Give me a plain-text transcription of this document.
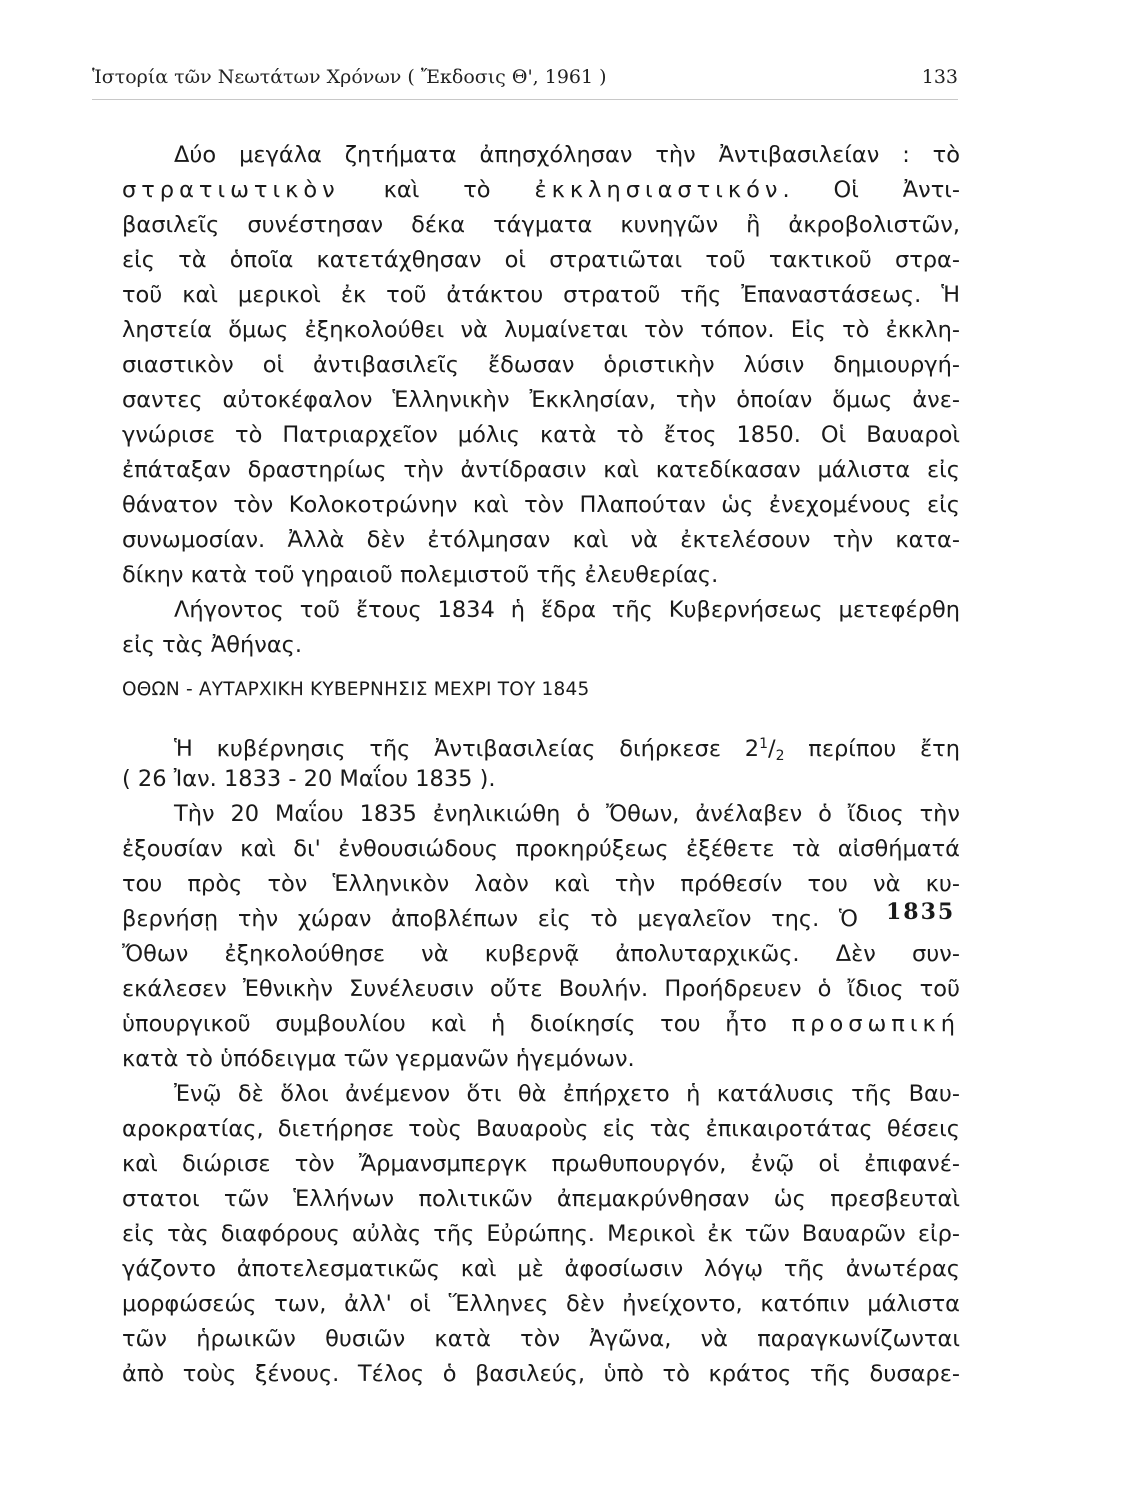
Ἱστορία τῶν Νεωτάτων Χρόνων ( Ἔκδοσις Θ', 1961 )	133
Δύο μεγάλα ζητήματα ἀπησχόλησαν τὴν Ἀντιβασιλείαν : τὸ
στρατιωτικὸν καὶ τὸ ἐκκλησιαστικόν. Οἱ Ἀντι-
βασιλεῖς συνέστησαν δέκα τάγματα κυνηγῶν ἢ ἀκροβολιστῶν,
εἰς τὰ ὁποῖα κατετάχθησαν οἱ στρατιῶται τοῦ τακτικοῦ στρα-
τοῦ καὶ μερικοὶ ἐκ τοῦ ἀτάκτου στρατοῦ τῆς Ἐπαναστάσεως. Ἡ
ληστεία ὅμως ἐξηκολούθει νὰ λυμαίνεται τὸν τόπον. Εἰς τὸ ἐκκλη-
σιαστικὸν οἱ ἀντιβασιλεῖς ἔδωσαν ὁριστικὴν λύσιν δημιουργή-
σαντες αὐτοκέφαλον Ἑλληνικὴν Ἐκκλησίαν, τὴν ὁποίαν ὅμως ἀνε-
γνώρισε τὸ Πατριαρχεῖον μόλις κατὰ τὸ ἔτος 1850. Οἱ Βαυαροὶ
ἐπάταξαν δραστηρίως τὴν ἀντίδρασιν καὶ κατεδίκασαν μάλιστα εἰς
θάνατον τὸν Κολοκοτρώνην καὶ τὸν Πλαπούταν ὡς ἐνεχομένους εἰς
συνωμοσίαν. Ἀλλὰ δὲν ἐτόλμησαν καὶ νὰ ἐκτελέσουν τὴν κατα-
δίκην κατὰ τοῦ γηραιοῦ πολεμιστοῦ τῆς ἐλευθερίας.
Λήγοντος τοῦ ἔτους 1834 ἡ ἕδρα τῆς Κυβερνήσεως μετεφέρθη
εἰς τὰς Ἀθήνας.
ΟΘΩΝ - ΑΥΤΑΡΧΙΚΗ ΚΥΒΕΡΝΗΣΙΣ ΜΕΧΡΙ ΤΟΥ 1845
Ἡ κυβέρνησις τῆς Ἀντιβασιλείας διήρκεσε $2^1/_2$ περίπου ἔτη
( 26 Ἰαν. 1833 - 20 Μαΐου 1835 ).
Τὴν 20 Μαΐου 1835 ἐνηλικιώθη ὁ Ὄθων, ἀνέλαβεν ὁ ἴδιος τὴν
ἐξουσίαν καὶ δι' ἐνθουσιώδους προκηρύξεως ἐξέθετε τὰ αἰσθήματά
του πρὸς τὸν Ἑλληνικὸν λαὸν καὶ τὴν πρόθεσίν του νὰ κυ-
βερνήσῃ τὴν χώραν ἀποβλέπων εἰς τὸ μεγαλεῖον της. Ὁ
Ὄθων ἐξηκολούθησε νὰ κυβερνᾷ ἀπολυταρχικῶς. Δὲν συν-
εκάλεσεν Ἐθνικὴν Συνέλευσιν οὔτε Βουλήν. Προήδρευεν ὁ ἴδιος τοῦ
ὑπουργικοῦ συμβουλίου καὶ ἡ διοίκησίς του ἦτο προσωπική
κατὰ τὸ ὑπόδειγμα τῶν γερμανῶν ἡγεμόνων.
Ἐνῷ δὲ ὅλοι ἀνέμενον ὅτι θὰ ἐπήρχετο ἡ κατάλυσις τῆς Βαυ-
αροκρατίας, διετήρησε τοὺς Βαυαροὺς εἰς τὰς ἐπικαιροτάτας θέσεις
καὶ διώρισε τὸν Ἄρμανσμπεργκ πρωθυπουργόν, ἐνῷ οἱ ἐπιφανέ-
στατοι τῶν Ἑλλήνων πολιτικῶν ἀπεμακρύνθησαν ὡς πρεσβευταὶ
εἰς τὰς διαφόρους αὐλὰς τῆς Εὐρώπης. Μερικοὶ ἐκ τῶν Βαυαρῶν εἰρ-
γάζοντο ἀποτελεσματικῶς καὶ μὲ ἀφοσίωσιν λόγῳ τῆς ἀνωτέρας
μορφώσεώς των, ἀλλ' οἱ Ἕλληνες δὲν ἠνείχοντο, κατόπιν μάλιστα
τῶν ἡρωικῶν θυσιῶν κατὰ τὸν Ἀγῶνα, νὰ παραγκωνίζωνται
ἀπὸ τοὺς ξένους. Τέλος ὁ βασιλεύς, ὑπὸ τὸ κράτος τῆς δυσαρε-
1835
